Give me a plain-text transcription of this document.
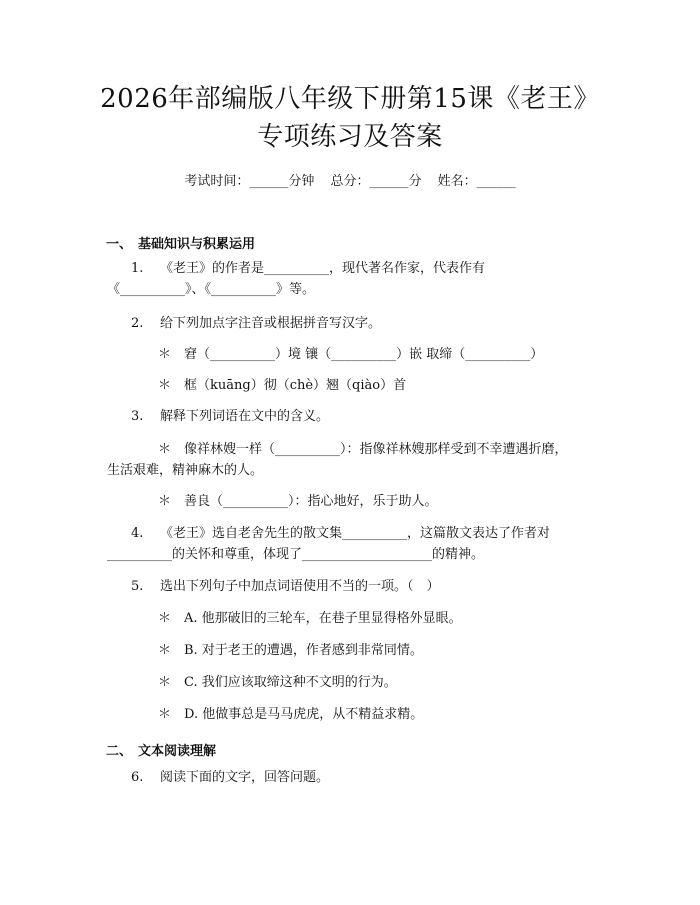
2026年部编版八年级下册第15课《老王》
专项练习及答案
考试时间：______分钟 总分：______分 姓名：______
一、 基础知识与积累运用
1. 《老王》的作者是__________，现代著名作家，代表作有
《__________》、《__________》等。
2. 给下列加点字注音或根据拼音写汉字。
＊　窘（__________）境 镶（__________）嵌 取缔（__________）
＊　框（kuāng）彻（chè）翘（qiào）首
3. 解释下列词语在文中的含义。
＊　像祥林嫂一样（__________）：指像祥林嫂那样受到不幸遭遇折磨，
生活艰难，精神麻木的人。
＊　善良（__________）：指心地好，乐于助人。
4. 《老王》选自老舍先生的散文集__________，这篇散文表达了作者对
__________的关怀和尊重，体现了____________________的精神。
5. 选出下列句子中加点词语使用不当的一项。（　）
＊　A. 他那破旧的三轮车，在巷子里显得格外显眼。
＊　B. 对于老王的遭遇，作者感到非常同情。
＊　C. 我们应该取缔这种不文明的行为。
＊　D. 他做事总是马马虎虎，从不精益求精。
二、 文本阅读理解
6. 阅读下面的文字，回答问题。
